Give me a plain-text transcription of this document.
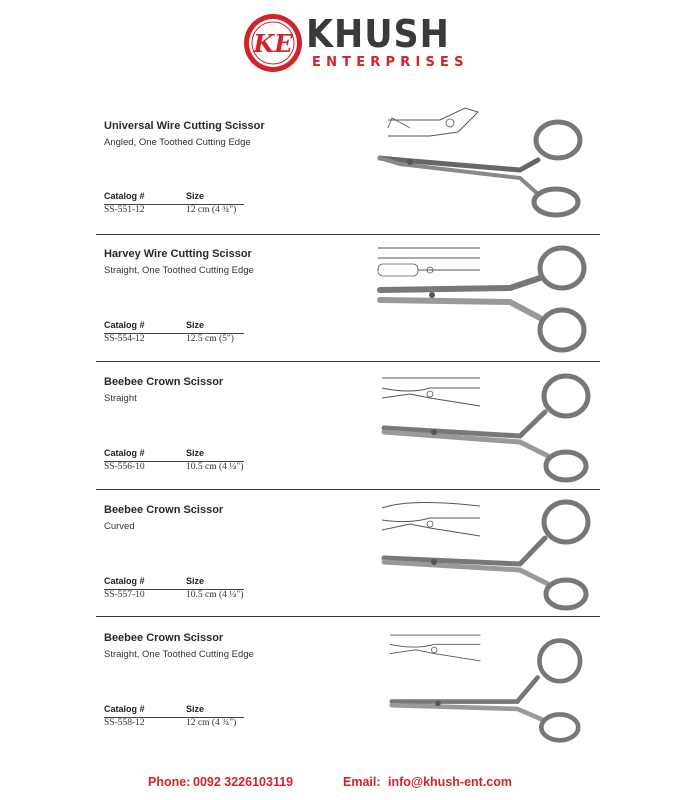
KE KHUSH
ENTERPRISES
Universal Wire Cutting Scissor
Angled, One Toothed Cutting Edge
Catalog #	Size
SS-551-12	12 cm (4 ¾")
Harvey Wire Cutting Scissor
Straight, One Toothed Cutting Edge
Catalog #	Size
SS-554-12	12.5 cm (5")
Beebee Crown Scissor
Straight
Catalog #	Size
SS-556-10	10.5 cm (4 ¼")
Beebee Crown Scissor
Curved
Catalog #	Size
SS-557-10	10.5 cm (4 ¼")
Beebee Crown Scissor
Straight, One Toothed Cutting Edge
Catalog #	Size
SS-558-12	12 cm (4 ¾")
Phone: 0092 3226103119	Email: info@khush-ent.com
